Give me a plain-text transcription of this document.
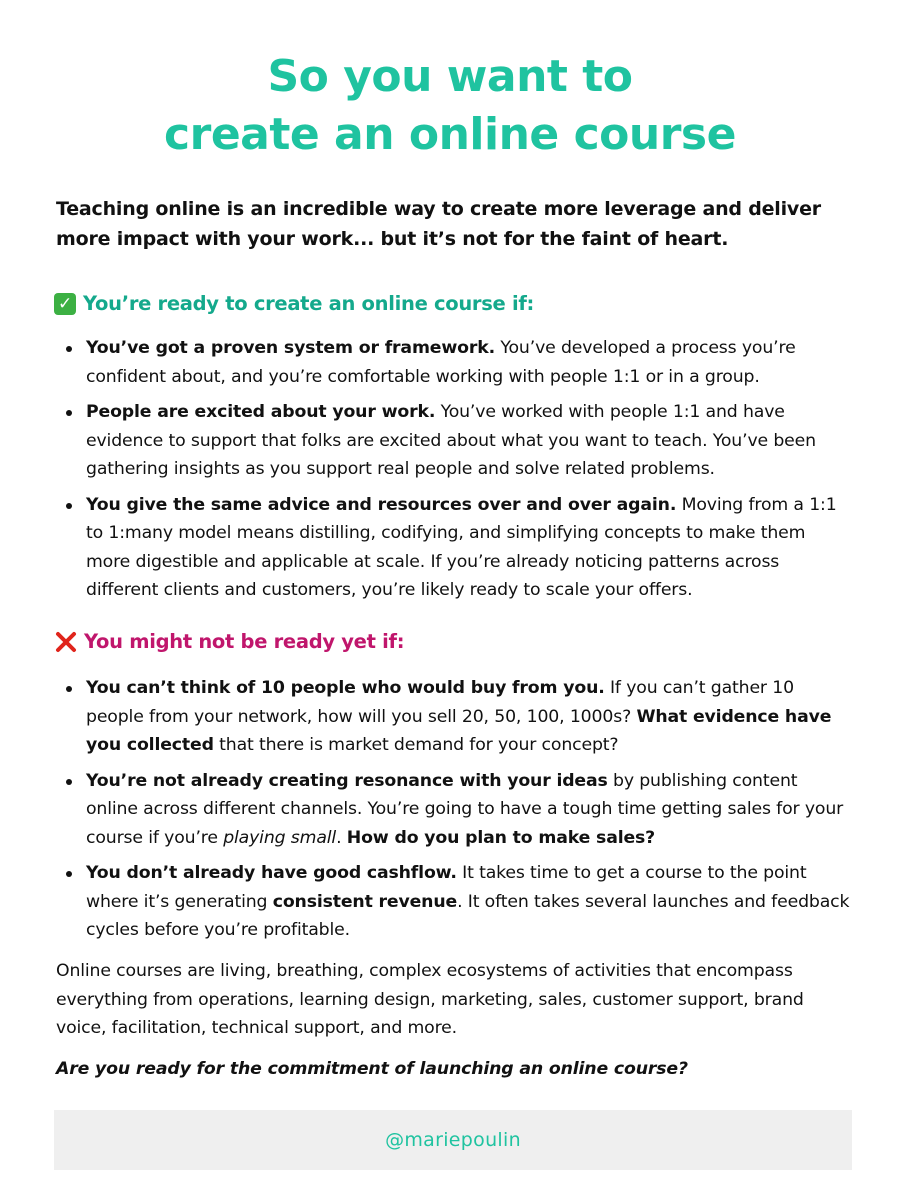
So you want to
create an online course
Teaching online is an incredible way to create more leverage and deliver more impact with your work... but it’s not for the faint of heart.
✓ You’re ready to create an online course if:
You’ve got a proven system or framework. You’ve developed a process you’re confident about, and you’re comfortable working with people 1:1 or in a group.
People are excited about your work. You’ve worked with people 1:1 and have evidence to support that folks are excited about what you want to teach. You’ve been gathering insights as you support real people and solve related problems.
You give the same advice and resources over and over again. Moving from a 1:1 to 1:many model means distilling, codifying, and simplifying concepts to make them more digestible and applicable at scale. If you’re already noticing patterns across different clients and customers, you’re likely ready to scale your offers.
You might not be ready yet if:
You can’t think of 10 people who would buy from you. If you can’t gather 10 people from your network, how will you sell 20, 50, 100, 1000s? What evidence have you collected that there is market demand for your concept?
You’re not already creating resonance with your ideas by publishing content online across different channels. You’re going to have a tough time getting sales for your course if you’re playing small. How do you plan to make sales?
You don’t already have good cashflow. It takes time to get a course to the point where it’s generating consistent revenue. It often takes several launches and feedback cycles before you’re profitable.
Online courses are living, breathing, complex ecosystems of activities that encompass everything from operations, learning design, marketing, sales, customer support, brand voice, facilitation, technical support, and more.
Are you ready for the commitment of launching an online course?
@mariepoulin
